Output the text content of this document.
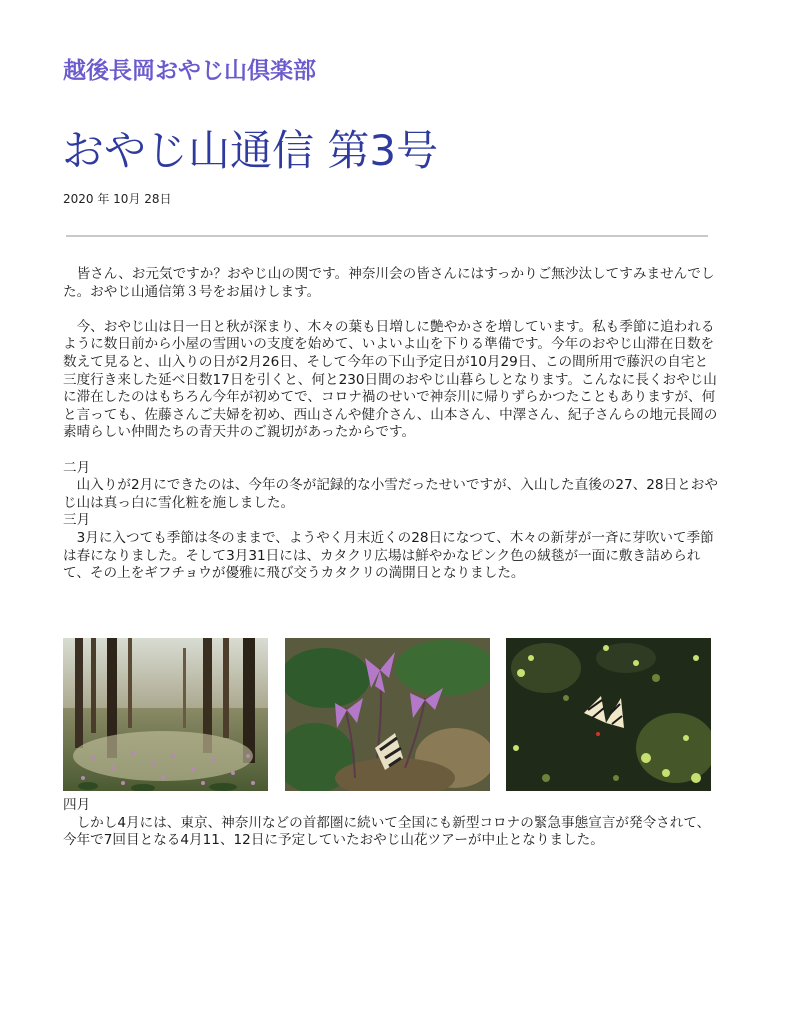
越後長岡おやじ山倶楽部
おやじ山通信 第3号
2020 年 10月 28日

皆さん、お元気ですか？おやじ山の関です。神奈川会の皆さんにはすっかりご無沙汰してすみませんでした。おやじ山通信第３号をお届けします。

今、おやじ山は日一日と秋が深まり、木々の葉も日増しに艶やかさを増しています。私も季節に追われるように数日前から小屋の雪囲いの支度を始めて、いよいよ山を下りる準備です。今年のおやじ山滞在日数を数えて見ると、山入りの日が2月26日、そして今年の下山予定日が10月29日、この間所用で藤沢の自宅と三度行き来した延べ日数17日を引くと、何と230日間のおやじ山暮らしとなります。こんなに長くおやじ山に滞在したのはもちろん今年が初めてで、コロナ禍のせいで神奈川に帰りずらかつたこともありますが、何と言っても、佐藤さんご夫婦を初め、西山さんや健介さん、山本さん、中澤さん、紀子さんらの地元長岡の素晴らしい仲間たちの青天井のご親切があったからです。

二月

山入りが2月にできたのは、今年の冬が記録的な小雪だったせいですが、入山した直後の27、28日とおやじ山は真っ白に雪化粧を施しました。

三月

3月に入つても季節は冬のままで、ようやく月末近くの28日になつて、木々の新芽が一斉に芽吹いて季節は春になりました。そして3月31日には、カタクリ広場は鮮やかなピンク色の絨毯が一面に敷き詰められて、その上をギフチョウが優雅に飛び交うカタクリの満開日となりました。

四月

しかし4月には、東京、神奈川などの首都圏に続いて全国にも新型コロナの緊急事態宣言が発令されて、今年で7回目となる4月11、12日に予定していたおやじ山花ツアーが中止となりました。
